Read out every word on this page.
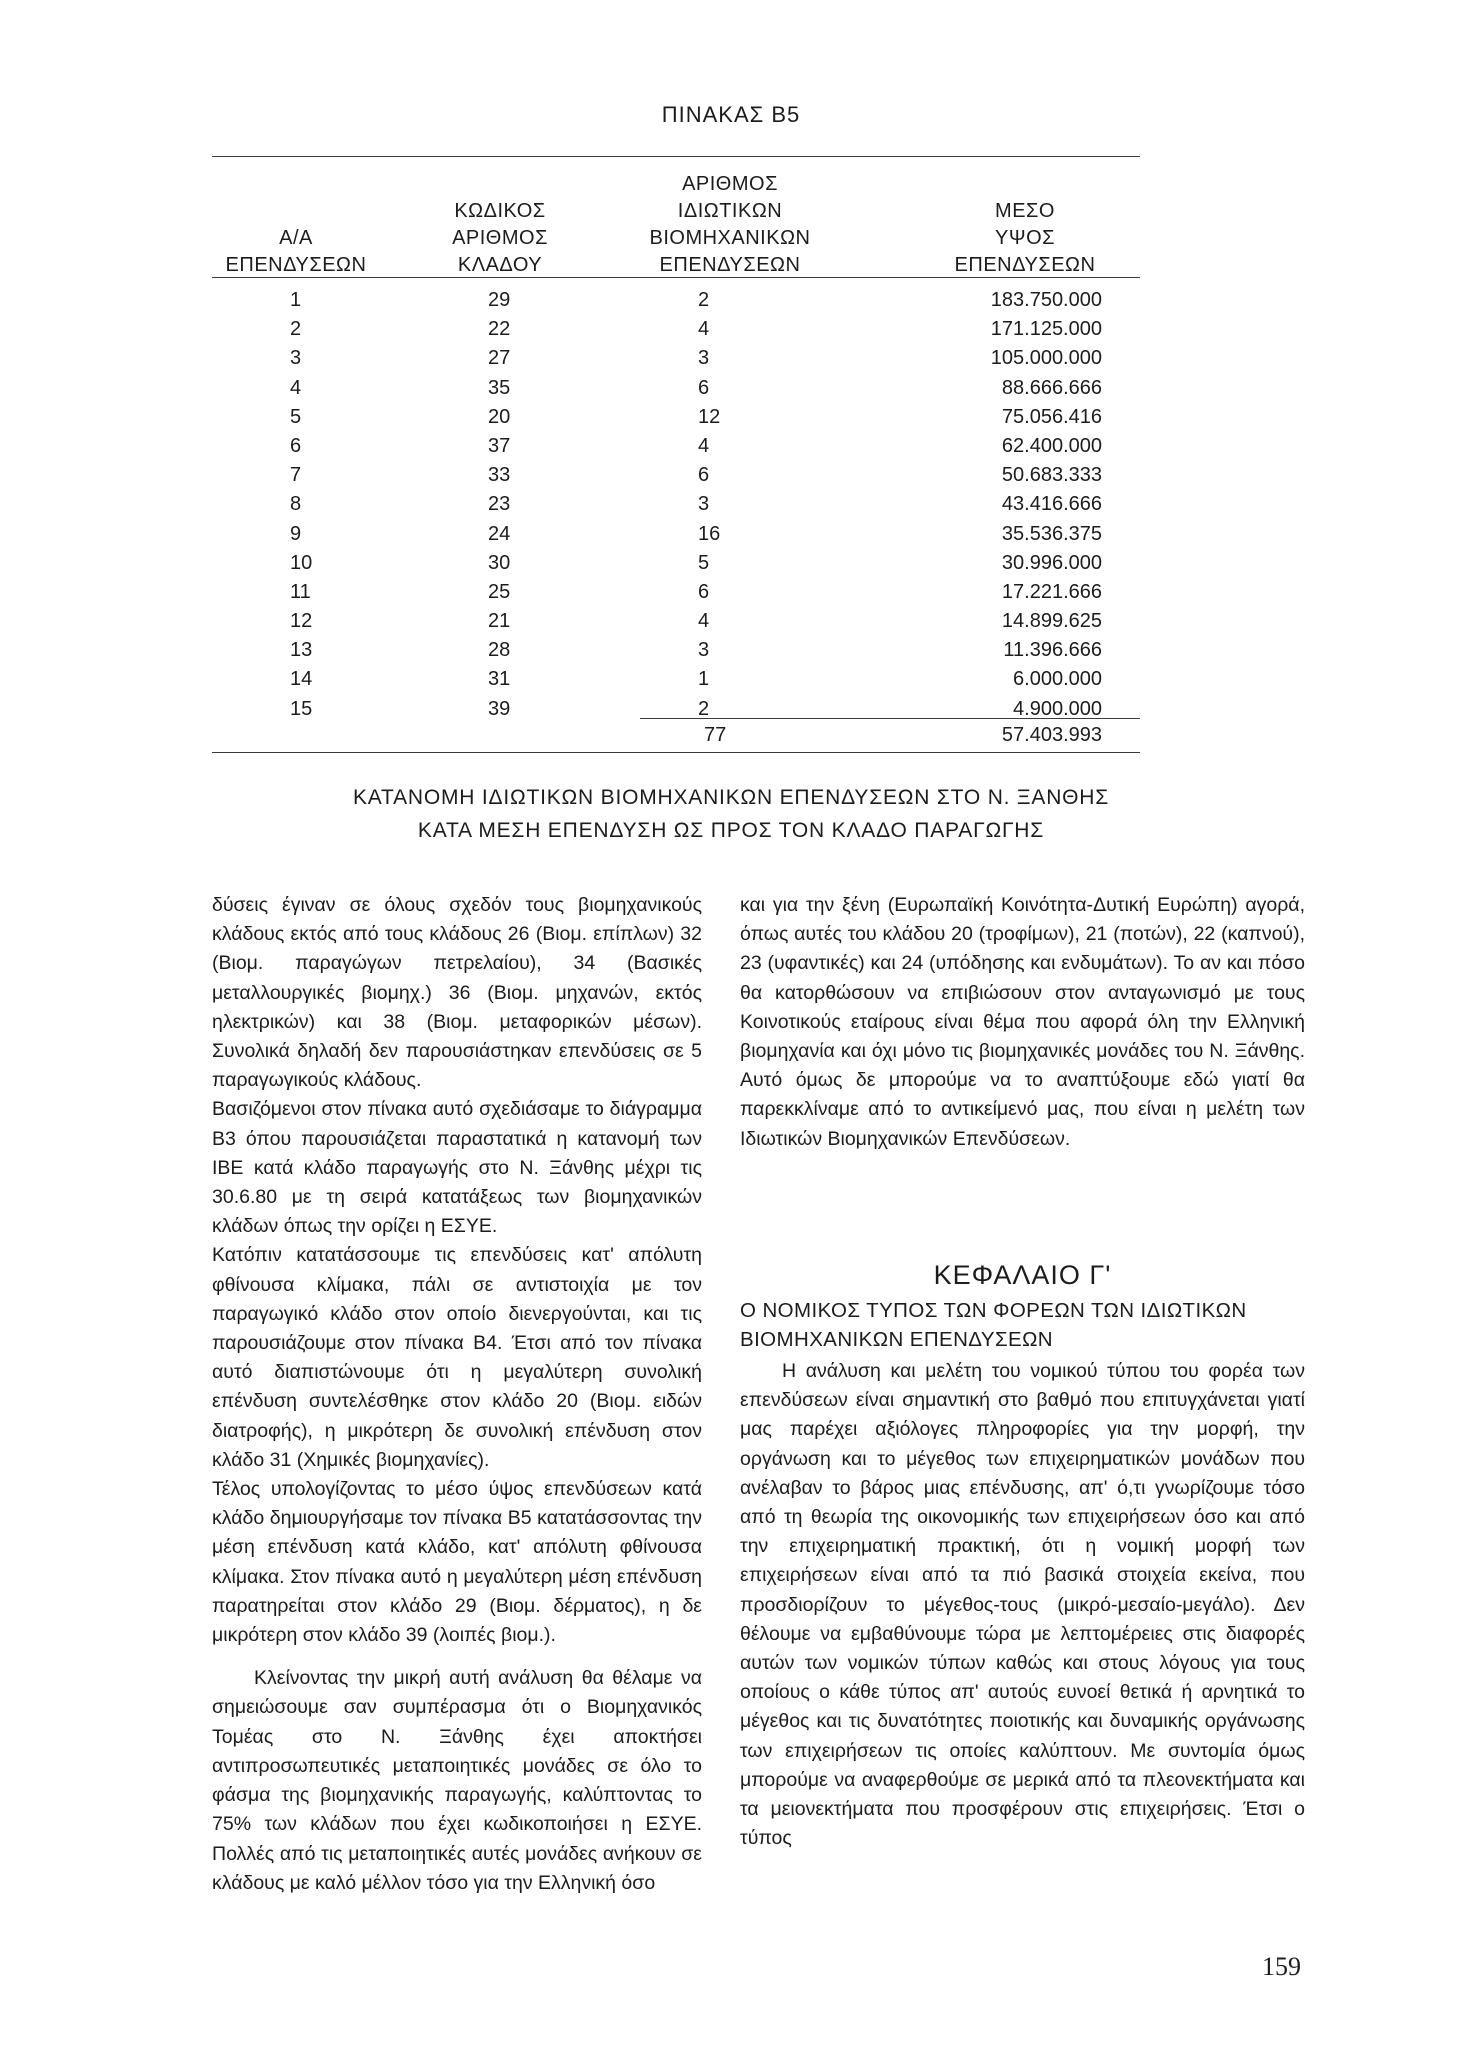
ΠΙΝΑΚΑΣ Β5
Α/Α
ΕΠΕΝΔΥΣΕΩΝ
ΚΩΔΙΚΟΣ
ΑΡΙΘΜΟΣ
ΚΛΑΔΟΥ
ΑΡΙΘΜΟΣ
ΙΔΙΩΤΙΚΩΝ
ΒΙΟΜΗΧΑΝΙΚΩΝ
ΕΠΕΝΔΥΣΕΩΝ
ΜΕΣΟ
ΥΨΟΣ
ΕΠΕΝΔΥΣΕΩΝ
1
2
3
4
5
6
7
8
9
10
11
12
13
14
15
29
22
27
35
20
37
33
23
24
30
25
21
28
31
39
2
4
3
6
12
4
6
3
16
5
6
4
3
1
2
183.750.000
171.125.000
105.000.000
88.666.666
75.056.416
62.400.000
50.683.333
43.416.666
35.536.375
30.996.000
17.221.666
14.899.625
11.396.666
6.000.000
4.900.000
77	57.403.993
ΚΑΤΑΝΟΜΗ ΙΔΙΩΤΙΚΩΝ ΒΙΟΜΗΧΑΝΙΚΩΝ ΕΠΕΝΔΥΣΕΩΝ ΣΤΟ Ν. ΞΑΝΘΗΣ
ΚΑΤΑ ΜΕΣΗ ΕΠΕΝΔΥΣΗ ΩΣ ΠΡΟΣ ΤΟΝ ΚΛΑΔΟ ΠΑΡΑΓΩΓΗΣ

δύσεις έγιναν σε όλους σχεδόν τους βιομηχανικούς κλάδους εκτός από τους κλάδους 26 (Βιομ. επίπλων) 32 (Βιομ. παραγώγων πετρελαίου), 34 (Βασικές μεταλλουργικές βιομηχ.) 36 (Βιομ. μηχανών, εκτός ηλεκτρικών) και 38 (Βιομ. μεταφορικών μέσων). Συνολικά δηλαδή δεν παρουσιάστηκαν επενδύσεις σε 5 παραγωγικούς κλάδους.

Βασιζόμενοι στον πίνακα αυτό σχεδιάσαμε το διάγραμμα Β3 όπου παρουσιάζεται παραστατικά η κατανομή των ΙΒΕ κατά κλάδο παραγωγής στο Ν. Ξάνθης μέχρι τις 30.6.80 με τη σειρά κατατάξεως των βιομηχανικών κλάδων όπως την ορίζει η ΕΣΥΕ.

Κατόπιν κατατάσσουμε τις επενδύσεις κατ' απόλυτη φθίνουσα κλίμακα, πάλι σε αντιστοιχία με τον παραγωγικό κλάδο στον οποίο διενεργούνται, και τις παρουσιάζουμε στον πίνακα Β4. Έτσι από τον πίνακα αυτό διαπιστώνουμε ότι η μεγαλύτερη συνολική επένδυση συντελέσθηκε στον κλάδο 20 (Βιομ. ειδών διατροφής), η μικρότερη δε συνολική επένδυση στον κλάδο 31 (Χημικές βιομηχανίες).

Τέλος υπολογίζοντας το μέσο ύψος επενδύσεων κατά κλάδο δημιουργήσαμε τον πίνακα Β5 κατατάσσοντας την μέση επένδυση κατά κλάδο, κατ' απόλυτη φθίνουσα κλίμακα. Στον πίνακα αυτό η μεγαλύτερη μέση επένδυση παρατηρείται στον κλάδο 29 (Βιομ. δέρματος), η δε μικρότερη στον κλάδο 39 (λοιπές βιομ.).

Κλείνοντας την μικρή αυτή ανάλυση θα θέλαμε να σημειώσουμε σαν συμπέρασμα ότι ο Βιομηχανικός Τομέας στο Ν. Ξάνθης έχει αποκτήσει αντιπροσωπευτικές μεταποιητικές μονάδες σε όλο το φάσμα της βιομηχανικής παραγωγής, καλύπτοντας το 75% των κλάδων που έχει κωδικοποιήσει η ΕΣΥΕ. Πολλές από τις μεταποιητικές αυτές μονάδες ανήκουν σε κλάδους με καλό μέλλον τόσο για την Ελληνική όσο

και για την ξένη (Ευρωπαϊκή Κοινότητα-Δυτική Ευρώπη) αγορά, όπως αυτές του κλάδου 20 (τροφίμων), 21 (ποτών), 22 (καπνού), 23 (υφαντικές) και 24 (υπόδησης και ενδυμάτων). Το αν και πόσο θα κατορθώσουν να επιβιώσουν στον ανταγωνισμό με τους Κοινοτικούς εταίρους είναι θέμα που αφορά όλη την Ελληνική βιομηχανία και όχι μόνο τις βιομηχανικές μονάδες του Ν. Ξάνθης. Αυτό όμως δε μπορούμε να το αναπτύξουμε εδώ γιατί θα παρεκκλίναμε από το αντικείμενό μας, που είναι η μελέτη των Ιδιωτικών Βιομηχανικών Επενδύσεων.

ΚΕΦΑΛΑΙΟ Γ'
Ο ΝΟΜΙΚΟΣ ΤΥΠΟΣ ΤΩΝ ΦΟΡΕΩΝ ΤΩΝ ΙΔΙΩΤΙΚΩΝ ΒΙΟΜΗΧΑΝΙΚΩΝ ΕΠΕΝΔΥΣΕΩΝ

Η ανάλυση και μελέτη του νομικού τύπου του φορέα των επενδύσεων είναι σημαντική στο βαθμό που επιτυγχάνεται γιατί μας παρέχει αξιόλογες πληροφορίες για την μορφή, την οργάνωση και το μέγεθος των επιχειρηματικών μονάδων που ανέλαβαν το βάρος μιας επένδυσης, απ' ό,τι γνωρίζουμε τόσο από τη θεωρία της οικονομικής των επιχειρήσεων όσο και από την επιχειρηματική πρακτική, ότι η νομική μορφή των επιχειρήσεων είναι από τα πιό βασικά στοιχεία εκείνα, που προσδιορίζουν το μέγεθος-τους (μικρό-μεσαίο-μεγάλο). Δεν θέλουμε να εμβαθύνουμε τώρα με λεπτομέρειες στις διαφορές αυτών των νομικών τύπων καθώς και στους λόγους για τους οποίους ο κάθε τύπος απ' αυτούς ευνοεί θετικά ή αρνητικά το μέγεθος και τις δυνατότητες ποιοτικής και δυναμικής οργάνωσης των επιχειρήσεων τις οποίες καλύπτουν. Με συντομία όμως μπορούμε να αναφερθούμε σε μερικά από τα πλεονεκτήματα και τα μειονεκτήματα που προσφέρουν στις επιχειρήσεις. Έτσι ο τύπος

159
